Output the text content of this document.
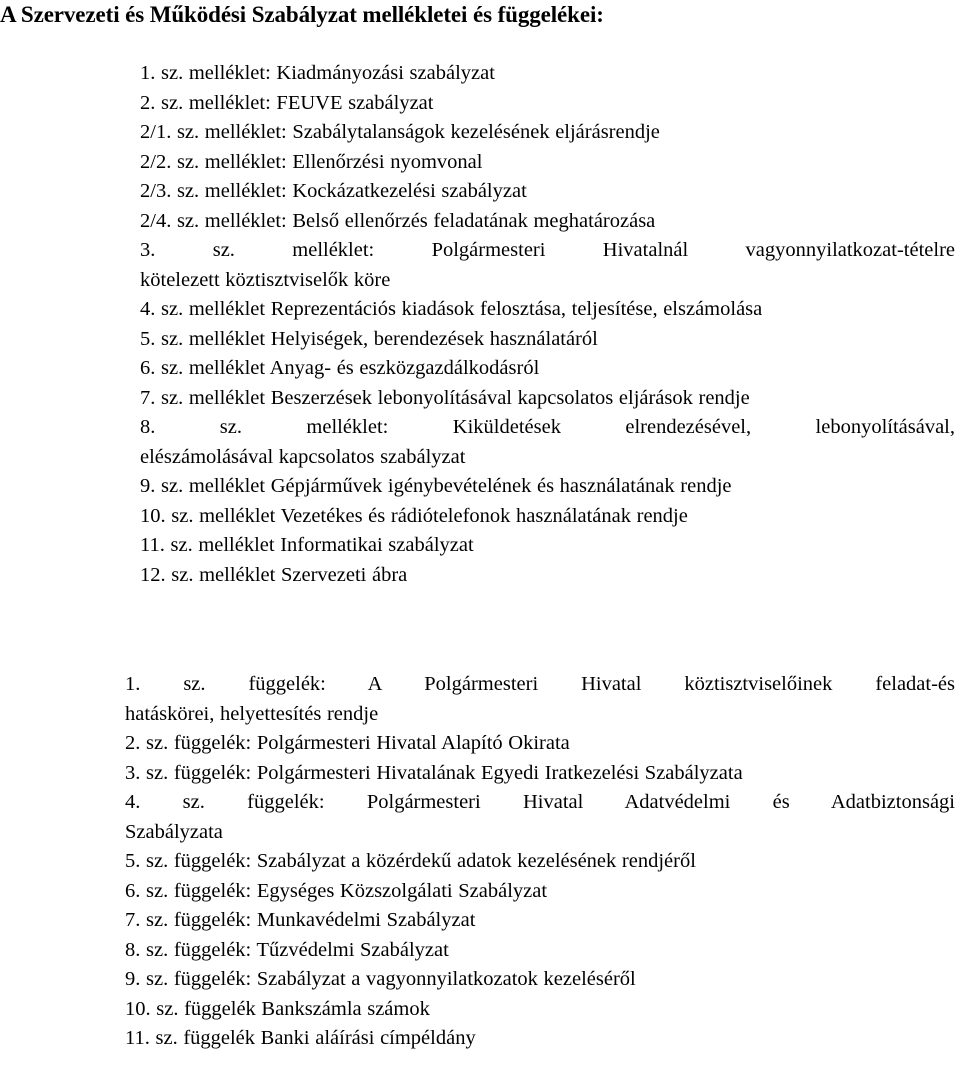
A Szervezeti és Működési Szabályzat mellékletei és függelékei:
1. sz. melléklet: Kiadmányozási szabályzat
2. sz. melléklet: FEUVE szabályzat
2/1. sz. melléklet: Szabálytalanságok kezelésének eljárásrendje
2/2. sz. melléklet: Ellenőrzési nyomvonal
2/3. sz. melléklet: Kockázatkezelési szabályzat
2/4. sz. melléklet: Belső ellenőrzés feladatának meghatározása
3. sz. melléklet: Polgármesteri Hivatalnál vagyonnyilatkozat-tételre
kötelezett köztisztviselők köre
4. sz. melléklet Reprezentációs kiadások felosztása, teljesítése, elszámolása
5. sz. melléklet Helyiségek, berendezések használatáról
6. sz. melléklet Anyag- és eszközgazdálkodásról
7. sz. melléklet Beszerzések lebonyolításával kapcsolatos eljárások rendje
8. sz. melléklet: Kiküldetések elrendezésével, lebonyolításával,
elészámolásával kapcsolatos szabályzat
9. sz. melléklet Gépjárművek igénybevételének és használatának rendje
10. sz. melléklet Vezetékes és rádiótelefonok használatának rendje
11. sz. melléklet Informatikai szabályzat
12. sz. melléklet Szervezeti ábra
1. sz. függelék: A Polgármesteri Hivatal köztisztviselőinek feladat-és
hatáskörei, helyettesítés rendje
2. sz. függelék: Polgármesteri Hivatal Alapító Okirata
3. sz. függelék: Polgármesteri Hivatalának Egyedi Iratkezelési Szabályzata
4. sz. függelék: Polgármesteri Hivatal Adatvédelmi és Adatbiztonsági
Szabályzata
5. sz. függelék: Szabályzat a közérdekű adatok kezelésének rendjéről
6. sz. függelék: Egységes Közszolgálati Szabályzat
7. sz. függelék: Munkavédelmi Szabályzat
8. sz. függelék: Tűzvédelmi Szabályzat
9. sz. függelék: Szabályzat a vagyonnyilatkozatok kezeléséről
10. sz. függelék Bankszámla számok
11. sz. függelék Banki aláírási címpéldány
